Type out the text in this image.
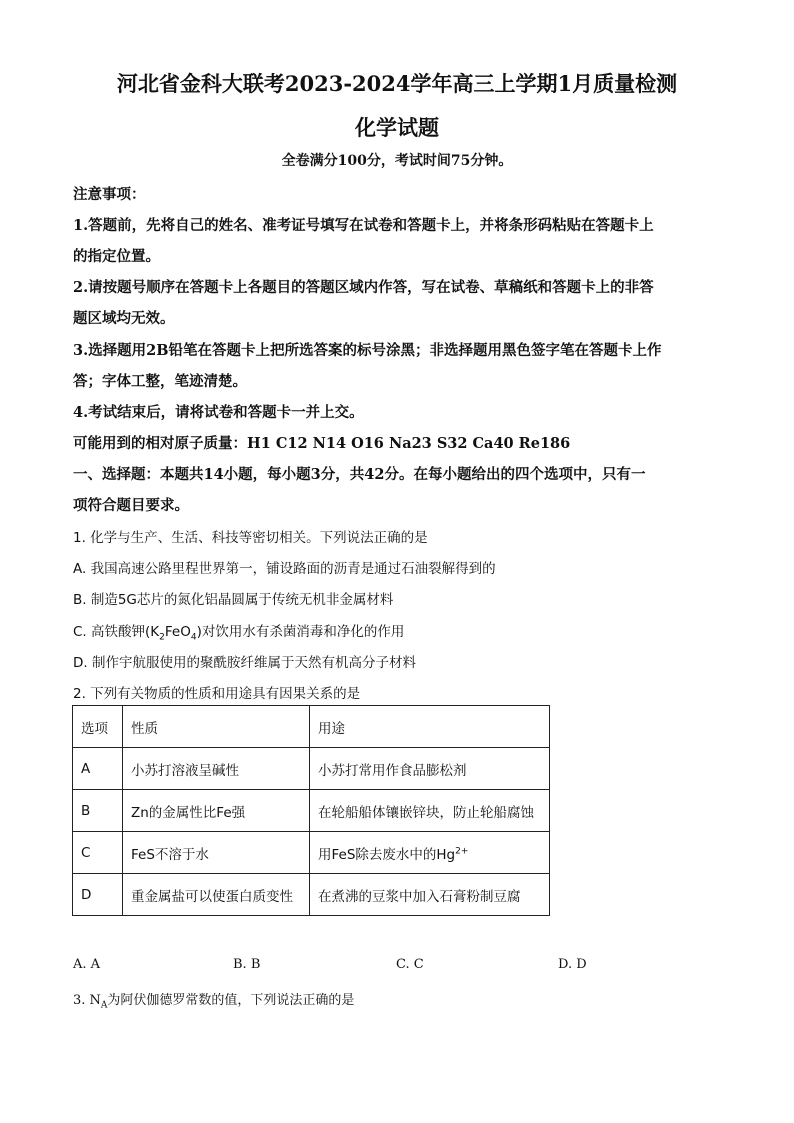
河北省金科大联考2023-2024学年高三上学期1月质量检测
化学试题
全卷满分100分，考试时间75分钟。
注意事项：
1.答题前，先将自己的姓名、准考证号填写在试卷和答题卡上，并将条形码粘贴在答题卡上
的指定位置。
2.请按题号顺序在答题卡上各题目的答题区域内作答，写在试卷、草稿纸和答题卡上的非答
题区域均无效。
3.选择题用2B铅笔在答题卡上把所选答案的标号涂黑；非选择题用黑色签字笔在答题卡上作
答；字体工整，笔迹清楚。
4.考试结束后，请将试卷和答题卡一并上交。
可能用到的相对原子质量：H1 C12 N14 O16 Na23 S32 Ca40 Re186
一、选择题：本题共14小题，每小题3分，共42分。在每小题给出的四个选项中，只有一
项符合题目要求。
1. 化学与生产、生活、科技等密切相关。下列说法正确的是
A. 我国高速公路里程世界第一，铺设路面的沥青是通过石油裂解得到的
B. 制造5G芯片的氮化铝晶圆属于传统无机非金属材料
C. 高铁酸钾$(K_2FeO_4)$对饮用水有杀菌消毒和净化的作用
D. 制作宇航服使用的聚酰胺纤维属于天然有机高分子材料
2. 下列有关物质的性质和用途具有因果关系的是
选项	性质	用途
A	小苏打溶液呈碱性	小苏打常用作食品膨松剂
B	Zn的金属性比Fe强	在轮船船体镶嵌锌块，防止轮船腐蚀
C	FeS不溶于水	用FeS除去废水中的$Hg^{2+}$
D	重金属盐可以使蛋白质变性	在煮沸的豆浆中加入石膏粉制豆腐
A. A	B. B	C. C	D. D
3. $N_A$为阿伏伽德罗常数的值，下列说法正确的是
